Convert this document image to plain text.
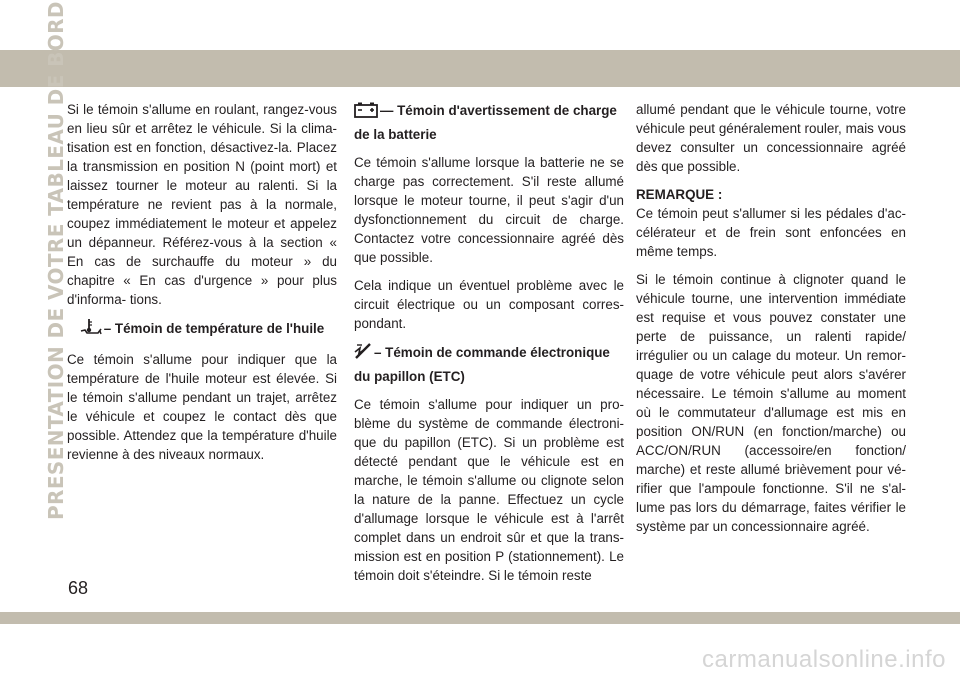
PRESENTATION DE VOTRE TABLEAU DE BORD Si le témoin s'allume en roulant, rangez-vous en lieu sûr et arrêtez le véhicule. Si la clima- tisation est en fonction, désactivez-la. Placez la transmission en position N (point mort) et laissez tourner le moteur au ralenti. Si la température ne revient pas à la normale, coupez immédiatement le moteur et appelez un dépanneur. Référez-vous à la section « En cas de surchauffe du moteur » du chapitre « En cas d'urgence » pour plus d'informa- tions.

– Témoin de température de l'huile

Ce témoin s'allume pour indiquer que la température de l'huile moteur est élevée. Si le témoin s'allume pendant un trajet, arrêtez le véhicule et coupez le contact dès que possible. Attendez que la température d'huile revienne à des niveaux normaux.

— Témoin d'avertissement de charge de la batterie

Ce témoin s'allume lorsque la batterie ne se charge pas correctement. S'il reste allumé lorsque le moteur tourne, il peut s'agir d'un dysfonctionnement du circuit de charge. Contactez votre concessionnaire agréé dès que possible.

Cela indique un éventuel problème avec le circuit électrique ou un composant corres- pondant.

– Témoin de commande électronique du papillon (ETC)

Ce témoin s'allume pour indiquer un pro- blème du système de commande électroni- que du papillon (ETC). Si un problème est détecté pendant que le véhicule est en marche, le témoin s'allume ou clignote selon la nature de la panne. Effectuez un cycle d'allumage lorsque le véhicule est à l'arrêt complet dans un endroit sûr et que la trans- mission est en position P (stationnement). Le témoin doit s'éteindre. Si le témoin reste

allumé pendant que le véhicule tourne, votre véhicule peut généralement rouler, mais vous devez consulter un concessionnaire agréé dès que possible.

REMARQUE :

Ce témoin peut s'allumer si les pédales d'ac- célérateur et de frein sont enfoncées en même temps.

Si le témoin continue à clignoter quand le véhicule tourne, une intervention immédiate est requise et vous pouvez constater une perte de puissance, un ralenti rapide/ irrégulier ou un calage du moteur. Un remor- quage de votre véhicule peut alors s'avérer nécessaire. Le témoin s'allume au moment où le commutateur d'allumage est mis en position ON/RUN (en fonction/marche) ou ACC/ON/RUN (accessoire/en fonction/ marche) et reste allumé brièvement pour vé- rifier que l'ampoule fonctionne. S'il ne s'al- lume pas lors du démarrage, faites vérifier le système par un concessionnaire agréé.

68
carmanualsonline.info
